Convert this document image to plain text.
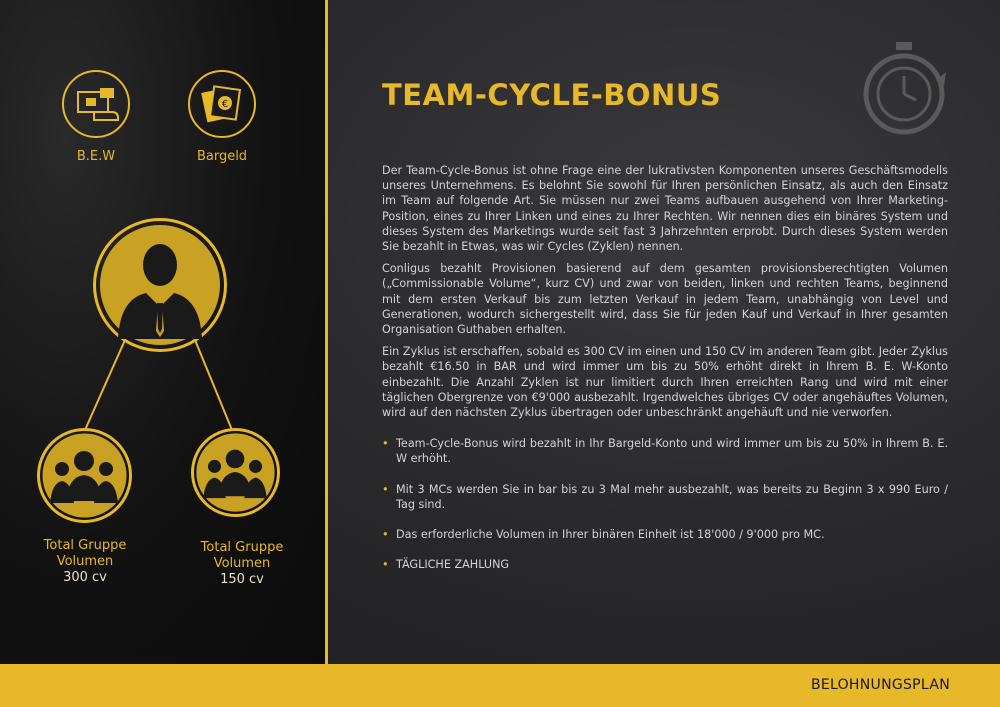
B.E.W
€
Bargeld
Total Gruppe
Volumen
300 cv
Total Gruppe
Volumen
150 cv
TEAM-CYCLE-BONUS

Der Team-Cycle-Bonus ist ohne Frage eine der lukrativsten Komponenten unseres Geschäftsmodells unseres Unternehmens. Es belohnt Sie sowohl für Ihren persönlichen Einsatz, als auch den Einsatz im Team auf folgende Art. Sie müssen nur zwei Teams aufbauen ausgehend von Ihrer Marketing-Position, eines zu Ihrer Linken und eines zu Ihrer Rechten. Wir nennen dies ein binäres System und dieses System des Marketings wurde seit fast 3 Jahrzehnten erprobt. Durch dieses System werden Sie bezahlt in Etwas, was wir Cycles (Zyklen) nennen.

Conligus bezahlt Provisionen basierend auf dem gesamten provisionsberechtigten Volumen („Commissionable Volume“, kurz CV) und zwar von beiden, linken und rechten Teams, beginnend mit dem ersten Verkauf bis zum letzten Verkauf in jedem Team, unabhängig von Level und Generationen, wodurch sichergestellt wird, dass Sie für jeden Kauf und Verkauf in Ihrer gesamten Organisation Guthaben erhalten.

Ein Zyklus ist erschaffen, sobald es 300 CV im einen und 150 CV im anderen Team gibt. Jeder Zyklus bezahlt €16.50 in BAR und wird immer um bis zu 50% erhöht direkt in Ihrem B. E. W-Konto einbezahlt. Die Anzahl Zyklen ist nur limitiert durch Ihren erreichten Rang und wird mit einer täglichen Obergrenze von €9'000 ausbezahlt. Irgendwelches übriges CV oder angehäuftes Volumen, wird auf den nächsten Zyklus übertragen oder unbeschränkt angehäuft und nie verworfen.

• Team-Cycle-Bonus wird bezahlt in Ihr Bargeld-Konto und wird immer um bis zu 50% in Ihrem B. E. W erhöht.
• Mit 3 MCs werden Sie in bar bis zu 3 Mal mehr ausbezahlt, was bereits zu Beginn 3 x 990 Euro / Tag sind.
• Das erforderliche Volumen in Ihrer binären Einheit ist 18'000 / 9'000 pro MC.
• TÄGLICHE ZAHLUNG
BELOHNUNGSPLAN
